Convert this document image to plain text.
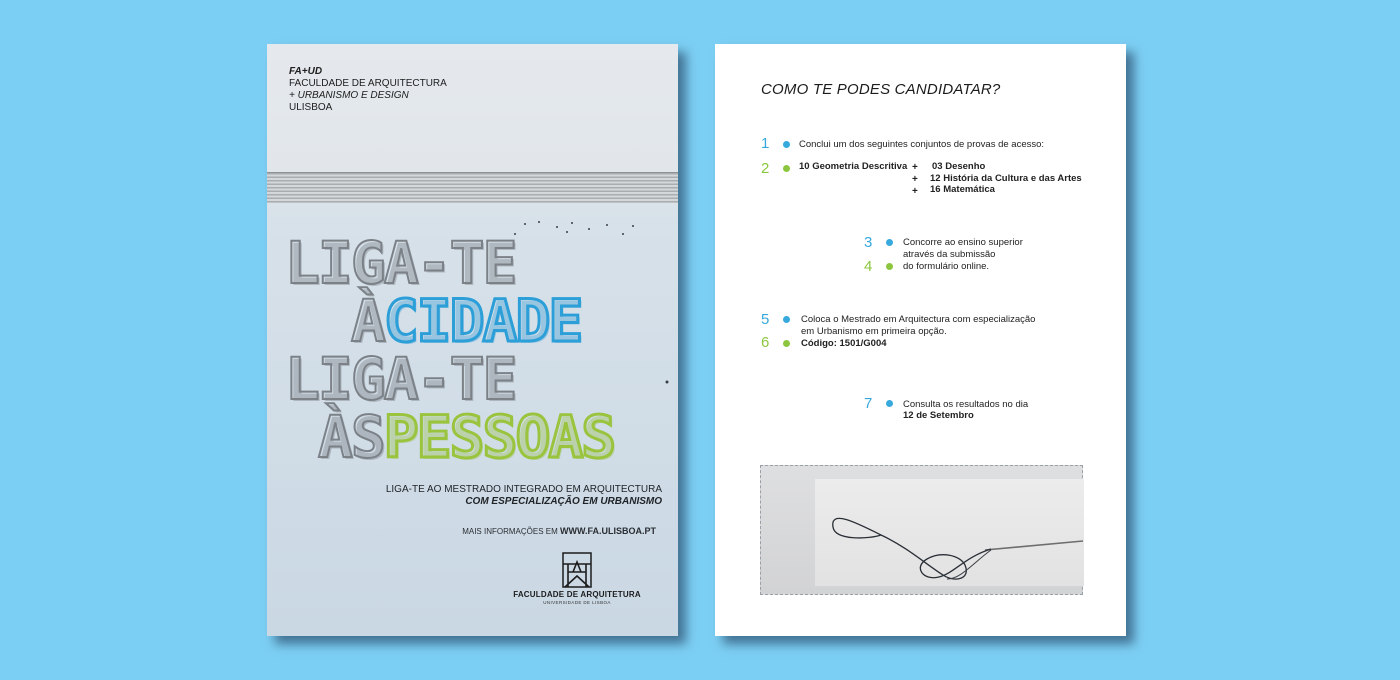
FA+UD
FACULDADE DE ARQUITECTURA
+ URBANISMO E DESIGN
ULISBOA
LIGA-TE
ÀCIDADE
LIGA-TE
ÀSPESSOAS
LIGA-TE AO MESTRADO INTEGRADO EM ARQUITECTURA
COM ESPECIALIZAÇÃO EM URBANISMO
MAIS INFORMAÇÕES EM WWW.FA.ULISBOA.PT
FACULDADE DE ARQUITETURA
UNIVERSIDADE DE LISBOA
COMO TE PODES CANDIDATAR?
1	Conclui um dos seguintes conjuntos de provas de acesso:
2	10 Geometria Descritiva + 03 Desenho
+ 12 História da Cultura e das Artes
+ 16 Matemática
3	Concorre ao ensino superior
através da submissão
4	do formulário online.
5	Coloca o Mestrado em Arquitectura com especialização
em Urbanismo em primeira opção.
6	Código: 1501/G004
7	Consulta os resultados no dia
12 de Setembro
